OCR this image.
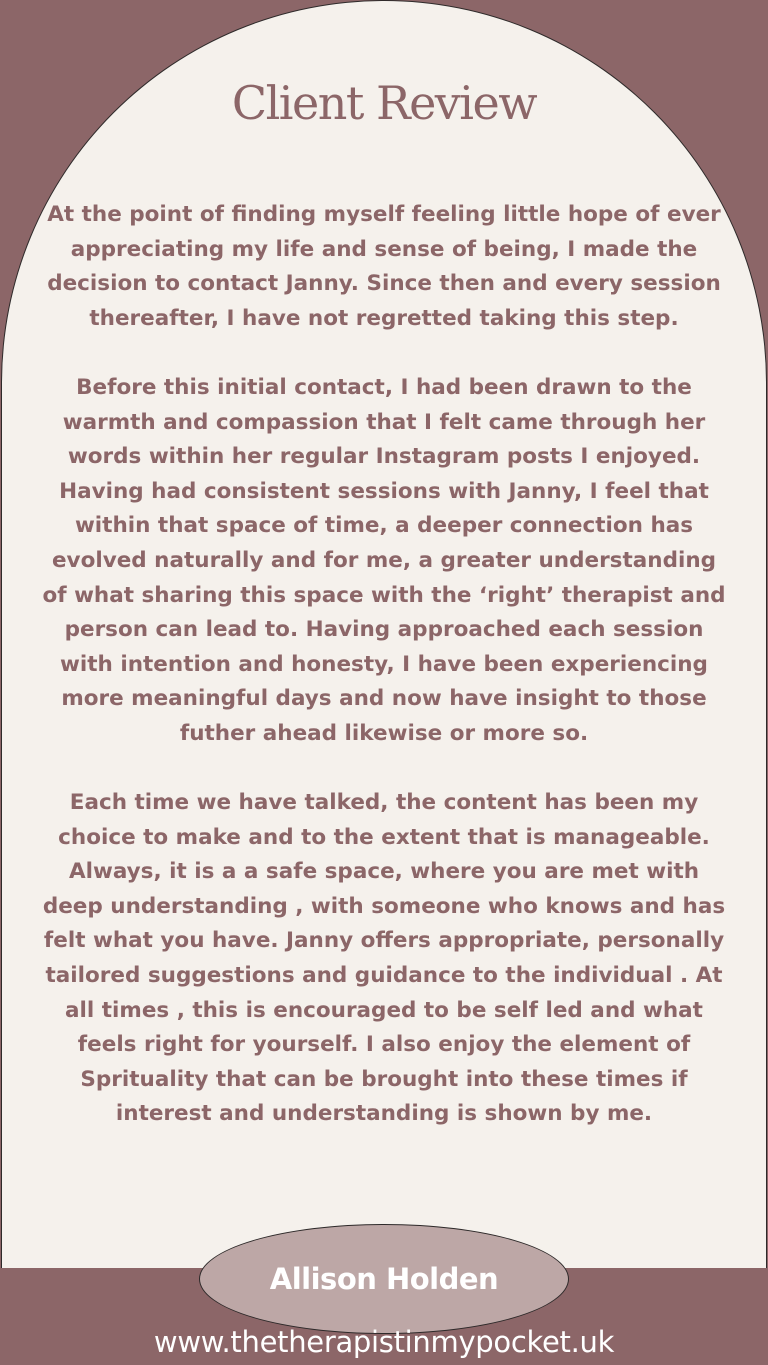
Client Review

At the point of finding myself feeling little hope of ever appreciating my life and sense of being, I made the decision to contact Janny. Since then and every session thereafter, I have not regretted taking this step.

Before this initial contact, I had been drawn to the warmth and compassion that I felt came through her words within her regular Instagram posts I enjoyed. Having had consistent sessions with Janny, I feel that within that space of time, a deeper connection has evolved naturally and for me, a greater understanding of what sharing this space with the ‘right’ therapist and person can lead to. Having approached each session with intention and honesty, I have been experiencing more meaningful days and now have insight to those futher ahead likewise or more so.

Each time we have talked, the content has been my choice to make and to the extent that is manageable. Always, it is a a safe space, where you are met with deep understanding , with someone who knows and has felt what you have. Janny offers appropriate, personally tailored suggestions and guidance to the individual . At all times , this is encouraged to be self led and what feels right for yourself. I also enjoy the element of Sprituality that can be brought into these times if interest and understanding is shown by me.

Allison Holden
www.thetherapistinmypocket.uk
